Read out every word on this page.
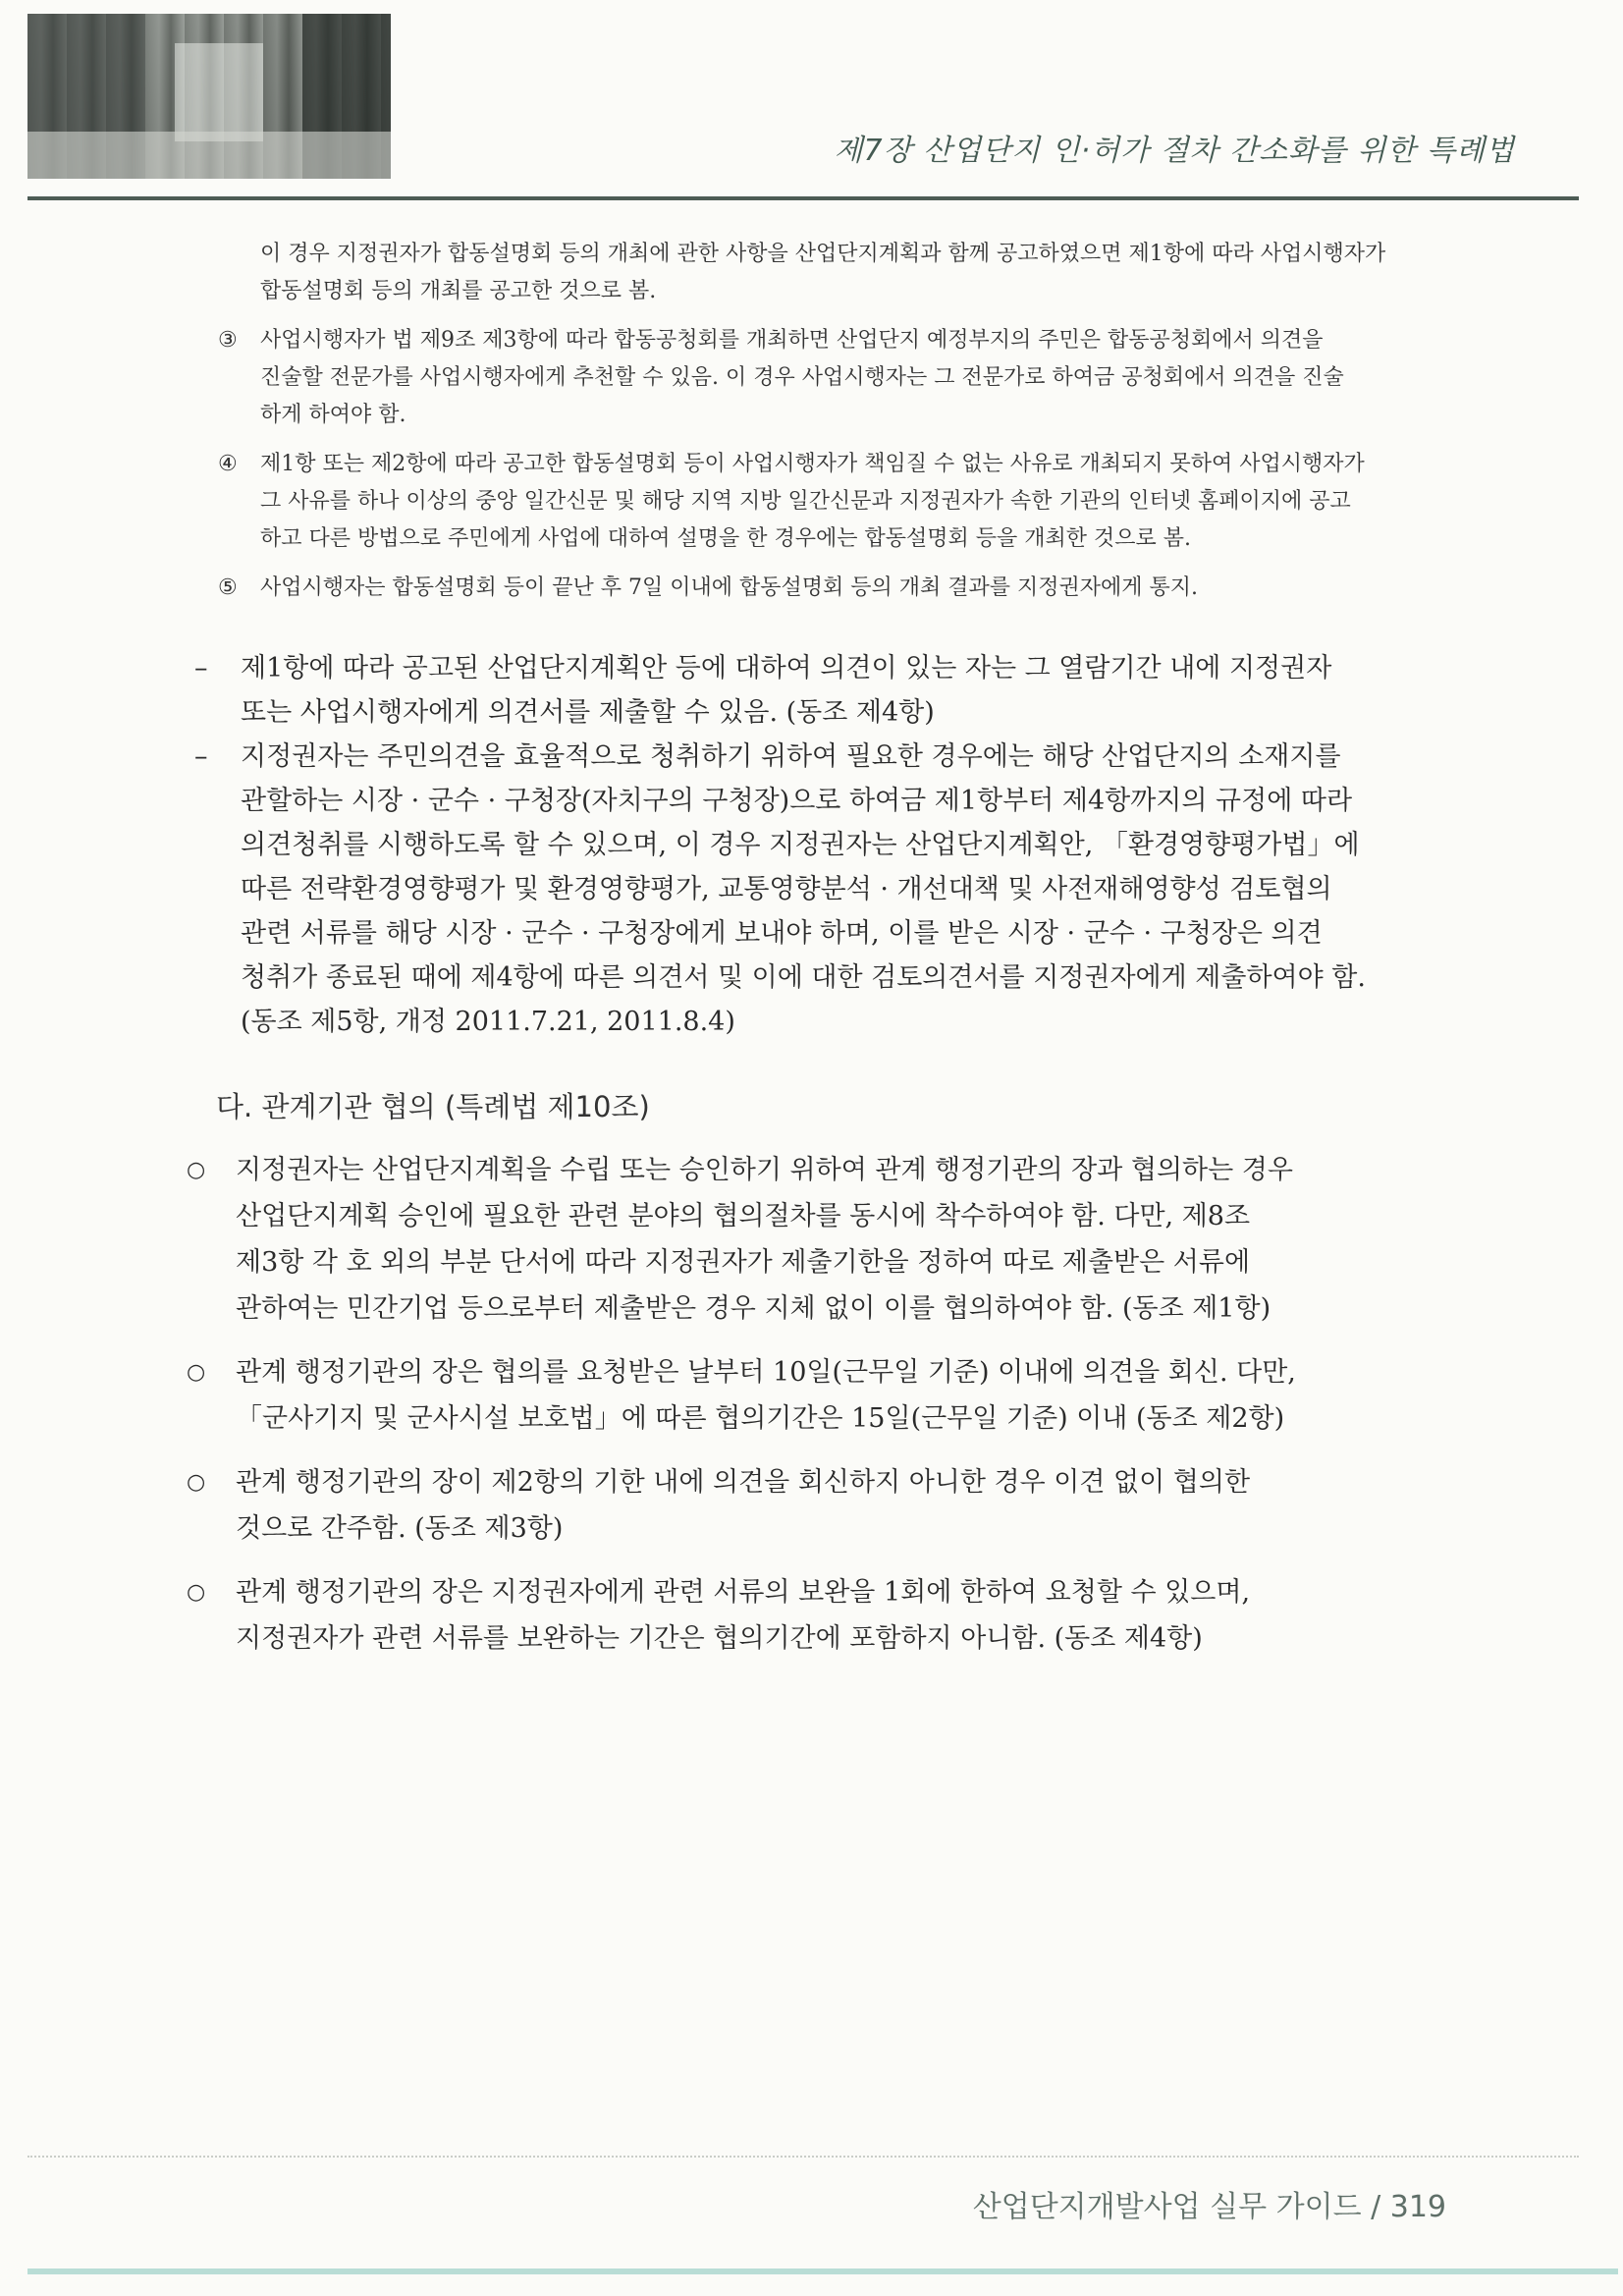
제7장 산업단지 인·허가 절차 간소화를 위한 특례법
이 경우 지정권자가 합동설명회 등의 개최에 관한 사항을 산업단지계획과 함께 공고하였으면 제1항에 따라 사업시행자가
합동설명회 등의 개최를 공고한 것으로 봄.
③ 사업시행자가 법 제9조 제3항에 따라 합동공청회를 개최하면 산업단지 예정부지의 주민은 합동공청회에서 의견을
진술할 전문가를 사업시행자에게 추천할 수 있음. 이 경우 사업시행자는 그 전문가로 하여금 공청회에서 의견을 진술
하게 하여야 함.
④ 제1항 또는 제2항에 따라 공고한 합동설명회 등이 사업시행자가 책임질 수 없는 사유로 개최되지 못하여 사업시행자가
그 사유를 하나 이상의 중앙 일간신문 및 해당 지역 지방 일간신문과 지정권자가 속한 기관의 인터넷 홈페이지에 공고
하고 다른 방법으로 주민에게 사업에 대하여 설명을 한 경우에는 합동설명회 등을 개최한 것으로 봄.
⑤ 사업시행자는 합동설명회 등이 끝난 후 7일 이내에 합동설명회 등의 개최 결과를 지정권자에게 통지.
– 제1항에 따라 공고된 산업단지계획안 등에 대하여 의견이 있는 자는 그 열람기간 내에 지정권자
또는 사업시행자에게 의견서를 제출할 수 있음. (동조 제4항)
– 지정권자는 주민의견을 효율적으로 청취하기 위하여 필요한 경우에는 해당 산업단지의 소재지를
관할하는 시장 · 군수 · 구청장(자치구의 구청장)으로 하여금 제1항부터 제4항까지의 규정에 따라
의견청취를 시행하도록 할 수 있으며, 이 경우 지정권자는 산업단지계획안, 「환경영향평가법」에
따른 전략환경영향평가 및 환경영향평가, 교통영향분석 · 개선대책 및 사전재해영향성 검토협의
관련 서류를 해당 시장 · 군수 · 구청장에게 보내야 하며, 이를 받은 시장 · 군수 · 구청장은 의견
청취가 종료된 때에 제4항에 따른 의견서 및 이에 대한 검토의견서를 지정권자에게 제출하여야 함.
(동조 제5항, 개정 2011.7.21, 2011.8.4)
다. 관계기관 협의 (특례법 제10조)
○ 지정권자는 산업단지계획을 수립 또는 승인하기 위하여 관계 행정기관의 장과 협의하는 경우
산업단지계획 승인에 필요한 관련 분야의 협의절차를 동시에 착수하여야 함. 다만, 제8조
제3항 각 호 외의 부분 단서에 따라 지정권자가 제출기한을 정하여 따로 제출받은 서류에
관하여는 민간기업 등으로부터 제출받은 경우 지체 없이 이를 협의하여야 함. (동조 제1항)
○ 관계 행정기관의 장은 협의를 요청받은 날부터 10일(근무일 기준) 이내에 의견을 회신. 다만,
「군사기지 및 군사시설 보호법」에 따른 협의기간은 15일(근무일 기준) 이내 (동조 제2항)
○ 관계 행정기관의 장이 제2항의 기한 내에 의견을 회신하지 아니한 경우 이견 없이 협의한
것으로 간주함. (동조 제3항)
○ 관계 행정기관의 장은 지정권자에게 관련 서류의 보완을 1회에 한하여 요청할 수 있으며,
지정권자가 관련 서류를 보완하는 기간은 협의기간에 포함하지 아니함. (동조 제4항)
산업단지개발사업 실무 가이드 / 319
